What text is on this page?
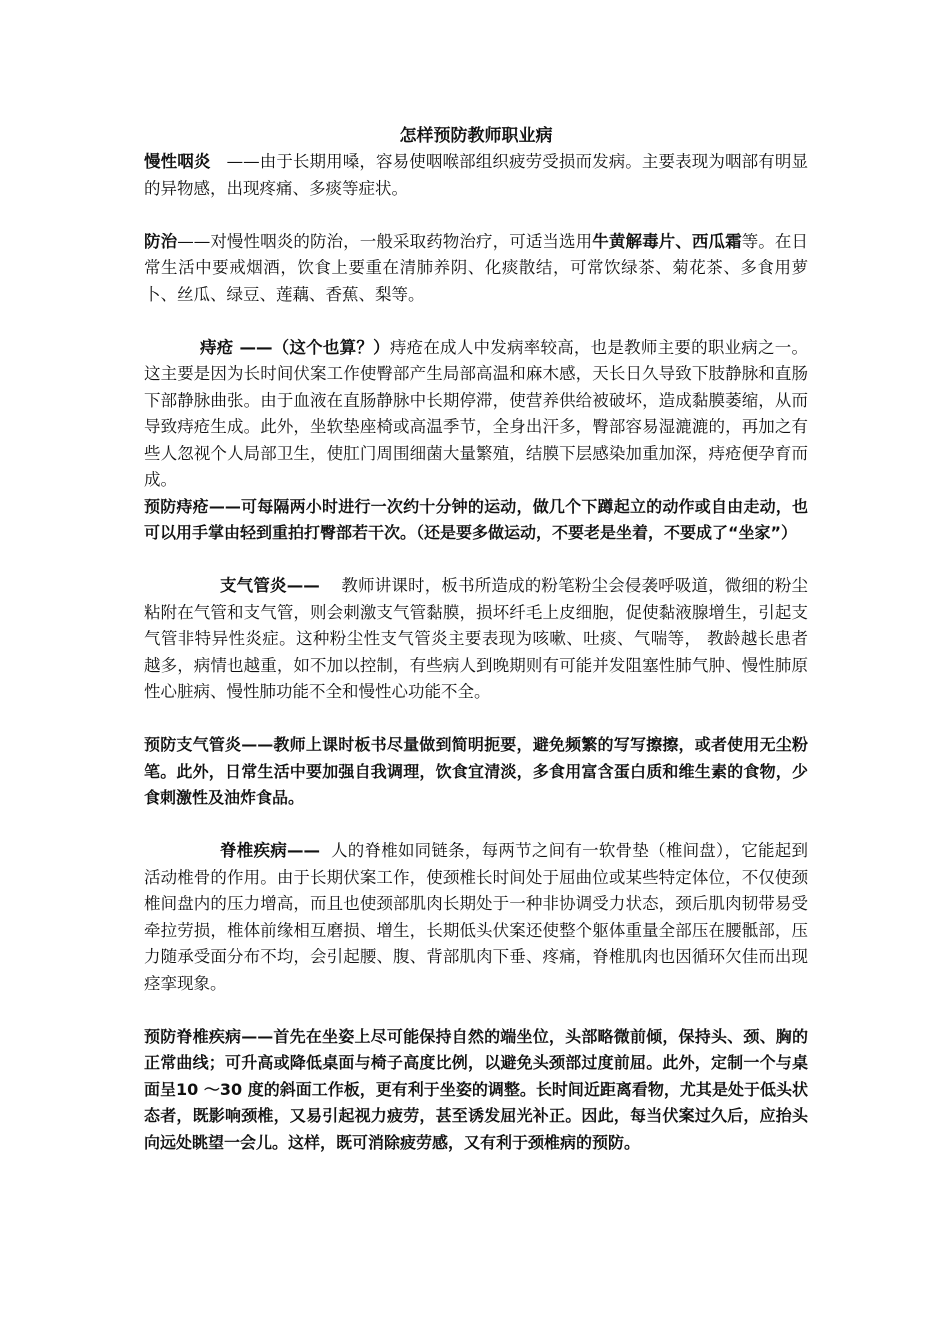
怎样预防教师职业病

慢性咽炎 ——由于长期用嗓，容易使咽喉部组织疲劳受损而发病。主要表现为咽部有明显的异物感，出现疼痛、多痰等症状。

防治——对慢性咽炎的防治，一般采取药物治疗，可适当选用牛黄解毒片、西瓜霜等。在日常生活中要戒烟酒，饮食上要重在清肺养阴、化痰散结，可常饮绿茶、菊花茶、多食用萝卜、丝瓜、绿豆、莲藕、香蕉、梨等。

痔疮 ——（这个也算？）痔疮在成人中发病率较高，也是教师主要的职业病之一。这主要是因为长时间伏案工作使臀部产生局部高温和麻木感，天长日久导致下肢静脉和直肠下部静脉曲张。由于血液在直肠静脉中长期停滞，使营养供给被破坏，造成黏膜萎缩，从而导致痔疮生成。此外，坐软垫座椅或高温季节，全身出汗多，臀部容易湿漉漉的，再加之有些人忽视个人局部卫生，使肛门周围细菌大量繁殖，结膜下层感染加重加深，痔疮便孕育而成。

预防痔疮——可每隔两小时进行一次约十分钟的运动，做几个下蹲起立的动作或自由走动，也可以用手掌由轻到重拍打臀部若干次。（还是要多做运动，不要老是坐着，不要成了“坐家”）

支气管炎—— 教师讲课时，板书所造成的粉笔粉尘会侵袭呼吸道，微细的粉尘粘附在气管和支气管，则会刺激支气管黏膜，损坏纤毛上皮细胞，促使黏液腺增生，引起支气管非特异性炎症。这种粉尘性支气管炎主要表现为咳嗽、吐痰、气喘等， 教龄越长患者越多，病情也越重，如不加以控制，有些病人到晚期则有可能并发阻塞性肺气肿、慢性肺原性心脏病、慢性肺功能不全和慢性心功能不全。

预防支气管炎——教师上课时板书尽量做到简明扼要，避免频繁的写写擦擦，或者使用无尘粉笔。此外，日常生活中要加强自我调理，饮食宜清淡，多食用富含蛋白质和维生素的食物，少食刺激性及油炸食品。

脊椎疾病—— 人的脊椎如同链条，每两节之间有一软骨垫（椎间盘），它能起到活动椎骨的作用。由于长期伏案工作，使颈椎长时间处于屈曲位或某些特定体位，不仅使颈椎间盘内的压力增高，而且也使颈部肌肉长期处于一种非协调受力状态，颈后肌肉韧带易受牵拉劳损，椎体前缘相互磨损、增生，长期低头伏案还使整个躯体重量全部压在腰骶部，压力随承受面分布不均，会引起腰、腹、背部肌肉下垂、疼痛，脊椎肌肉也因循环欠佳而出现痉挛现象。

预防脊椎疾病——首先在坐姿上尽可能保持自然的端坐位，头部略微前倾，保持头、颈、胸的正常曲线；可升高或降低桌面与椅子高度比例，以避免头颈部过度前屈。此外，定制一个与桌面呈10 ～30 度的斜面工作板，更有利于坐姿的调整。长时间近距离看物，尤其是处于低头状态者，既影响颈椎，又易引起视力疲劳，甚至诱发屈光补正。因此，每当伏案过久后，应抬头向远处眺望一会儿。这样，既可消除疲劳感，又有利于颈椎病的预防。
